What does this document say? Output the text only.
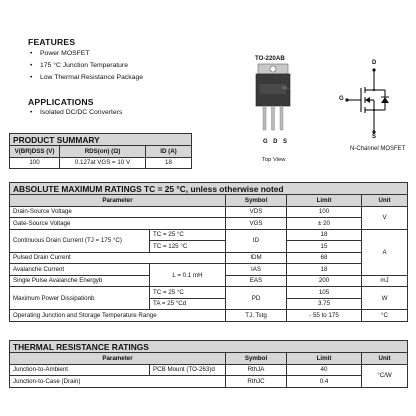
FEATURES
• Power MOSFET
• 175 °C Junction Temperature
• Low Thermal Resistance Package
APPLICATIONS
• Isolated DC/DC Converters
TO-220AB
S0...
GDS
Top View
D
G
S
N-Channel MOSFET
PRODUCT SUMMARY		
V(BR)DSS (V)	RDS(on) (Ω)	ID (A)
100	0.127at VGS = 10 V	18
ABSOLUTE MAXIMUM RATINGS TC = 25 °C, unless otherwise noted				
Parameter		Symbol	Limit	Unit
Drain-Source Voltage		VDS	100	V
Gate-Source Voltage		VGS	± 20	
Continuous Drain Current (TJ = 175 °C)	TC = 25 °C	ID	18	A
	TC = 125 °C		15	
Pulsed Drain Current		IDM	68	
Avalanche Current	L = 0.1 mH	IAS	18	
Single Pulse Avalanche Energyb		EAS	200	mJ
Maximum Power Dissipationb	TC = 25 °C	PD	105	W
	TA = 25 °Cd		3.75	
Operating Junction and Storage Temperature Range		TJ, Tstg	- 55 to 175	°C
THERMAL RESISTANCE RATINGS				
Parameter		Symbol	Limit	Unit
Junction-to-Ambient	PCB Mount (TO-263)d	RthJA	40	°C/W
Junction-to-Case (Drain)		RthJC	0.4	
